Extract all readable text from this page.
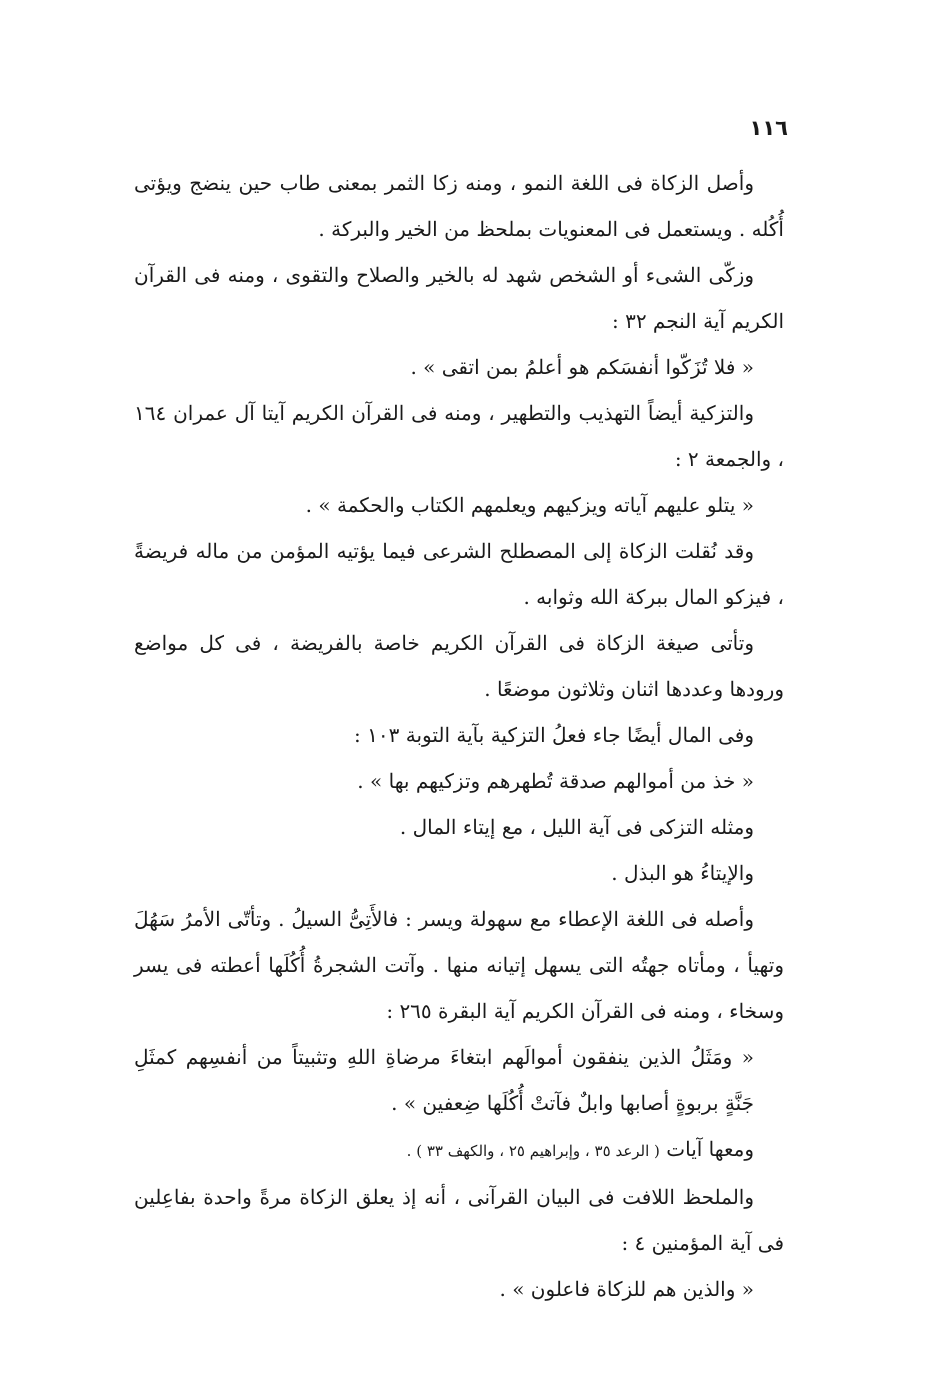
١١٦

وأصل الزكاة فى اللغة النمو ، ومنه زكا الثمر بمعنى طاب حين ينضج ويؤتى أُكُله . ويستعمل فى المعنويات بملحظ من الخير والبركة .

وزكّى الشىء أو الشخص شهد له بالخير والصلاح والتقوى ، ومنه فى القرآن الكريم آية النجم ٣٢ :

« فلا تُزَكّوا أنفسَكم هو أعلمُ بمن اتقى » .

والتزكية أيضاً التهذيب والتطهير ، ومنه فى القرآن الكريم آيتا آل عمران ١٦٤ ، والجمعة ٢ :

« يتلو عليهم آياته ويزكيهم ويعلمهم الكتاب والحكمة » .

وقد نُقلت الزكاة إلى المصطلح الشرعى فيما يؤتيه المؤمن من ماله فريضةً ، فيزكو المال ببركة الله وثوابه .

وتأتى صيغة الزكاة فى القرآن الكريم خاصة بالفريضة ، فى كل مواضع ورودها وعددها اثنان وثلاثون موضعًا .

وفى المال أيضًا جاء فعلُ التزكية بآية التوبة ١٠٣ :

« خذ من أموالهم صدقة تُطهرهم وتزكيهم بها » .

ومثله التزكى فى آية الليل ، مع إيتاء المال .

والإيتاءُ هو البذل .

وأصله فى اللغة الإعطاء مع سهولة ويسر : فالأَتِىُّ السيلُ . وتأتّى الأمرُ سَهُلَ وتهيأ ، ومأتاه جهتُه التى يسهل إتيانه منها . وآتت الشجرةُ أُكُلَها أعطته فى يسر وسخاء ، ومنه فى القرآن الكريم آية البقرة ٢٦٥ :

« ومَثَلُ الذين ينفقون أموالَهم ابتغاءَ مرضاةِ اللهِ وتثبيتاً من أنفسِهم كمثَلِ جَنَّةٍ بربوةٍ أصابها وابلٌ فآتتْ أُكُلَها ضِعفين » .

ومعها آيات ( الرعد ٣٥ ، وإبراهيم ٢٥ ، والكهف ٣٣ ) .

والملحظ اللافت فى البيان القرآنى ، أنه إذ يعلق الزكاة مرةً واحدة بفاعِلين فى آية المؤمنين ٤ :

« والذين هم للزكاة فاعلون » .
